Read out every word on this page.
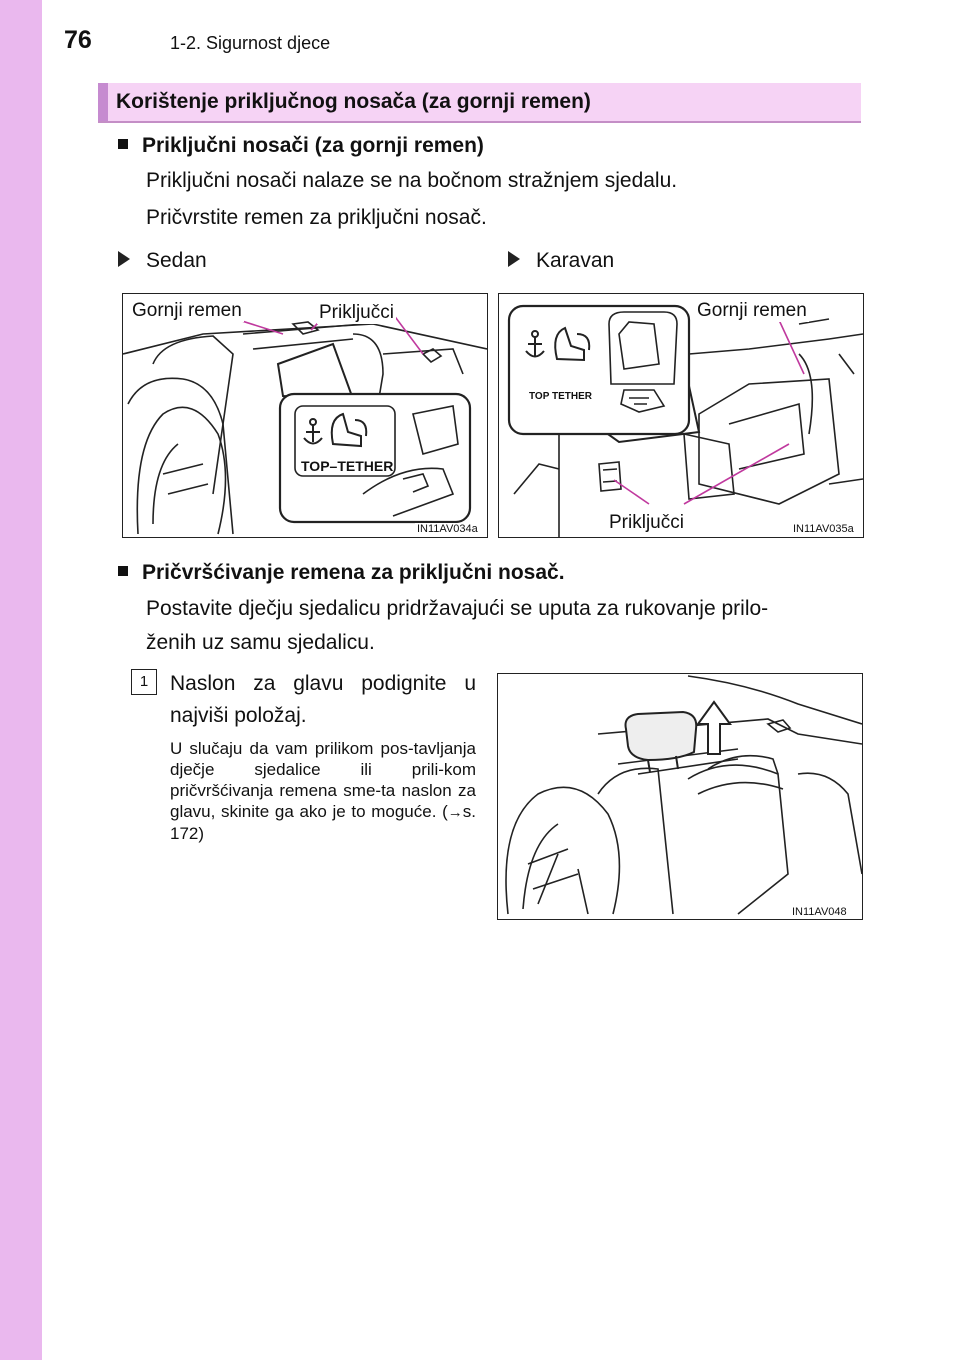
76	1-2. Sigurnost djece
Korištenje priključnog nosača (za gornji remen)
Priključni nosači (za gornji remen)
Priključni nosači nalaze se na bočnom stražnjem sjedalu.
Pričvrstite remen za priključni nosač.
Sedan	Karavan
TOP–TETHER
Gornji remen	Priključci
IN11AV034a
TOP TETHER
Gornji remen
Priključci	IN11AV035a
Pričvršćivanje remena za priključni nosač.
Postavite dječju sjedalicu pridržavajući se uputa za rukovanje prilo-
ženih uz samu sjedalicu.
1	Naslon za glavu podignite u najviši položaj.
U slučaju da vam prilikom pos-tavljanja dječje sjedalice ili prili-kom pričvršćivanja remena sme-ta naslon za glavu, skinite ga ako je to moguće. (→s. 172)
IN11AV048
